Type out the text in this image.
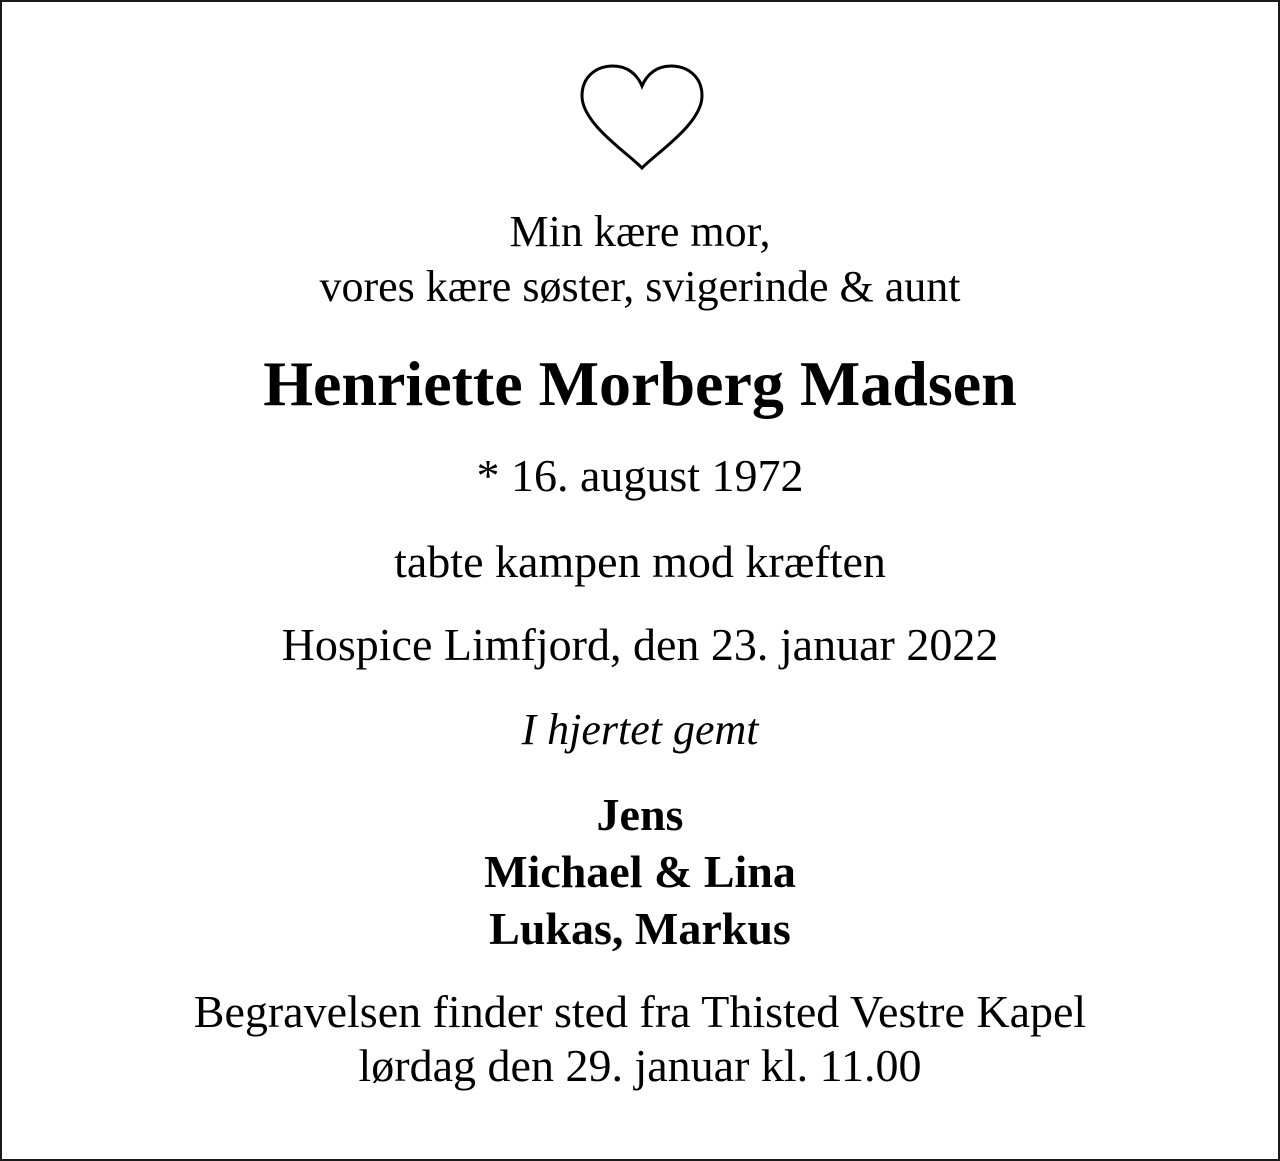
Min kære mor,
vores kære søster, svigerinde & aunt
Henriette Morberg Madsen
* 16. august 1972
tabte kampen mod kræften
Hospice Limfjord, den 23. januar 2022
I hjertet gemt
Jens
Michael & Lina
Lukas, Markus
Begravelsen finder sted fra Thisted Vestre Kapel
lørdag den 29. januar kl. 11.00
